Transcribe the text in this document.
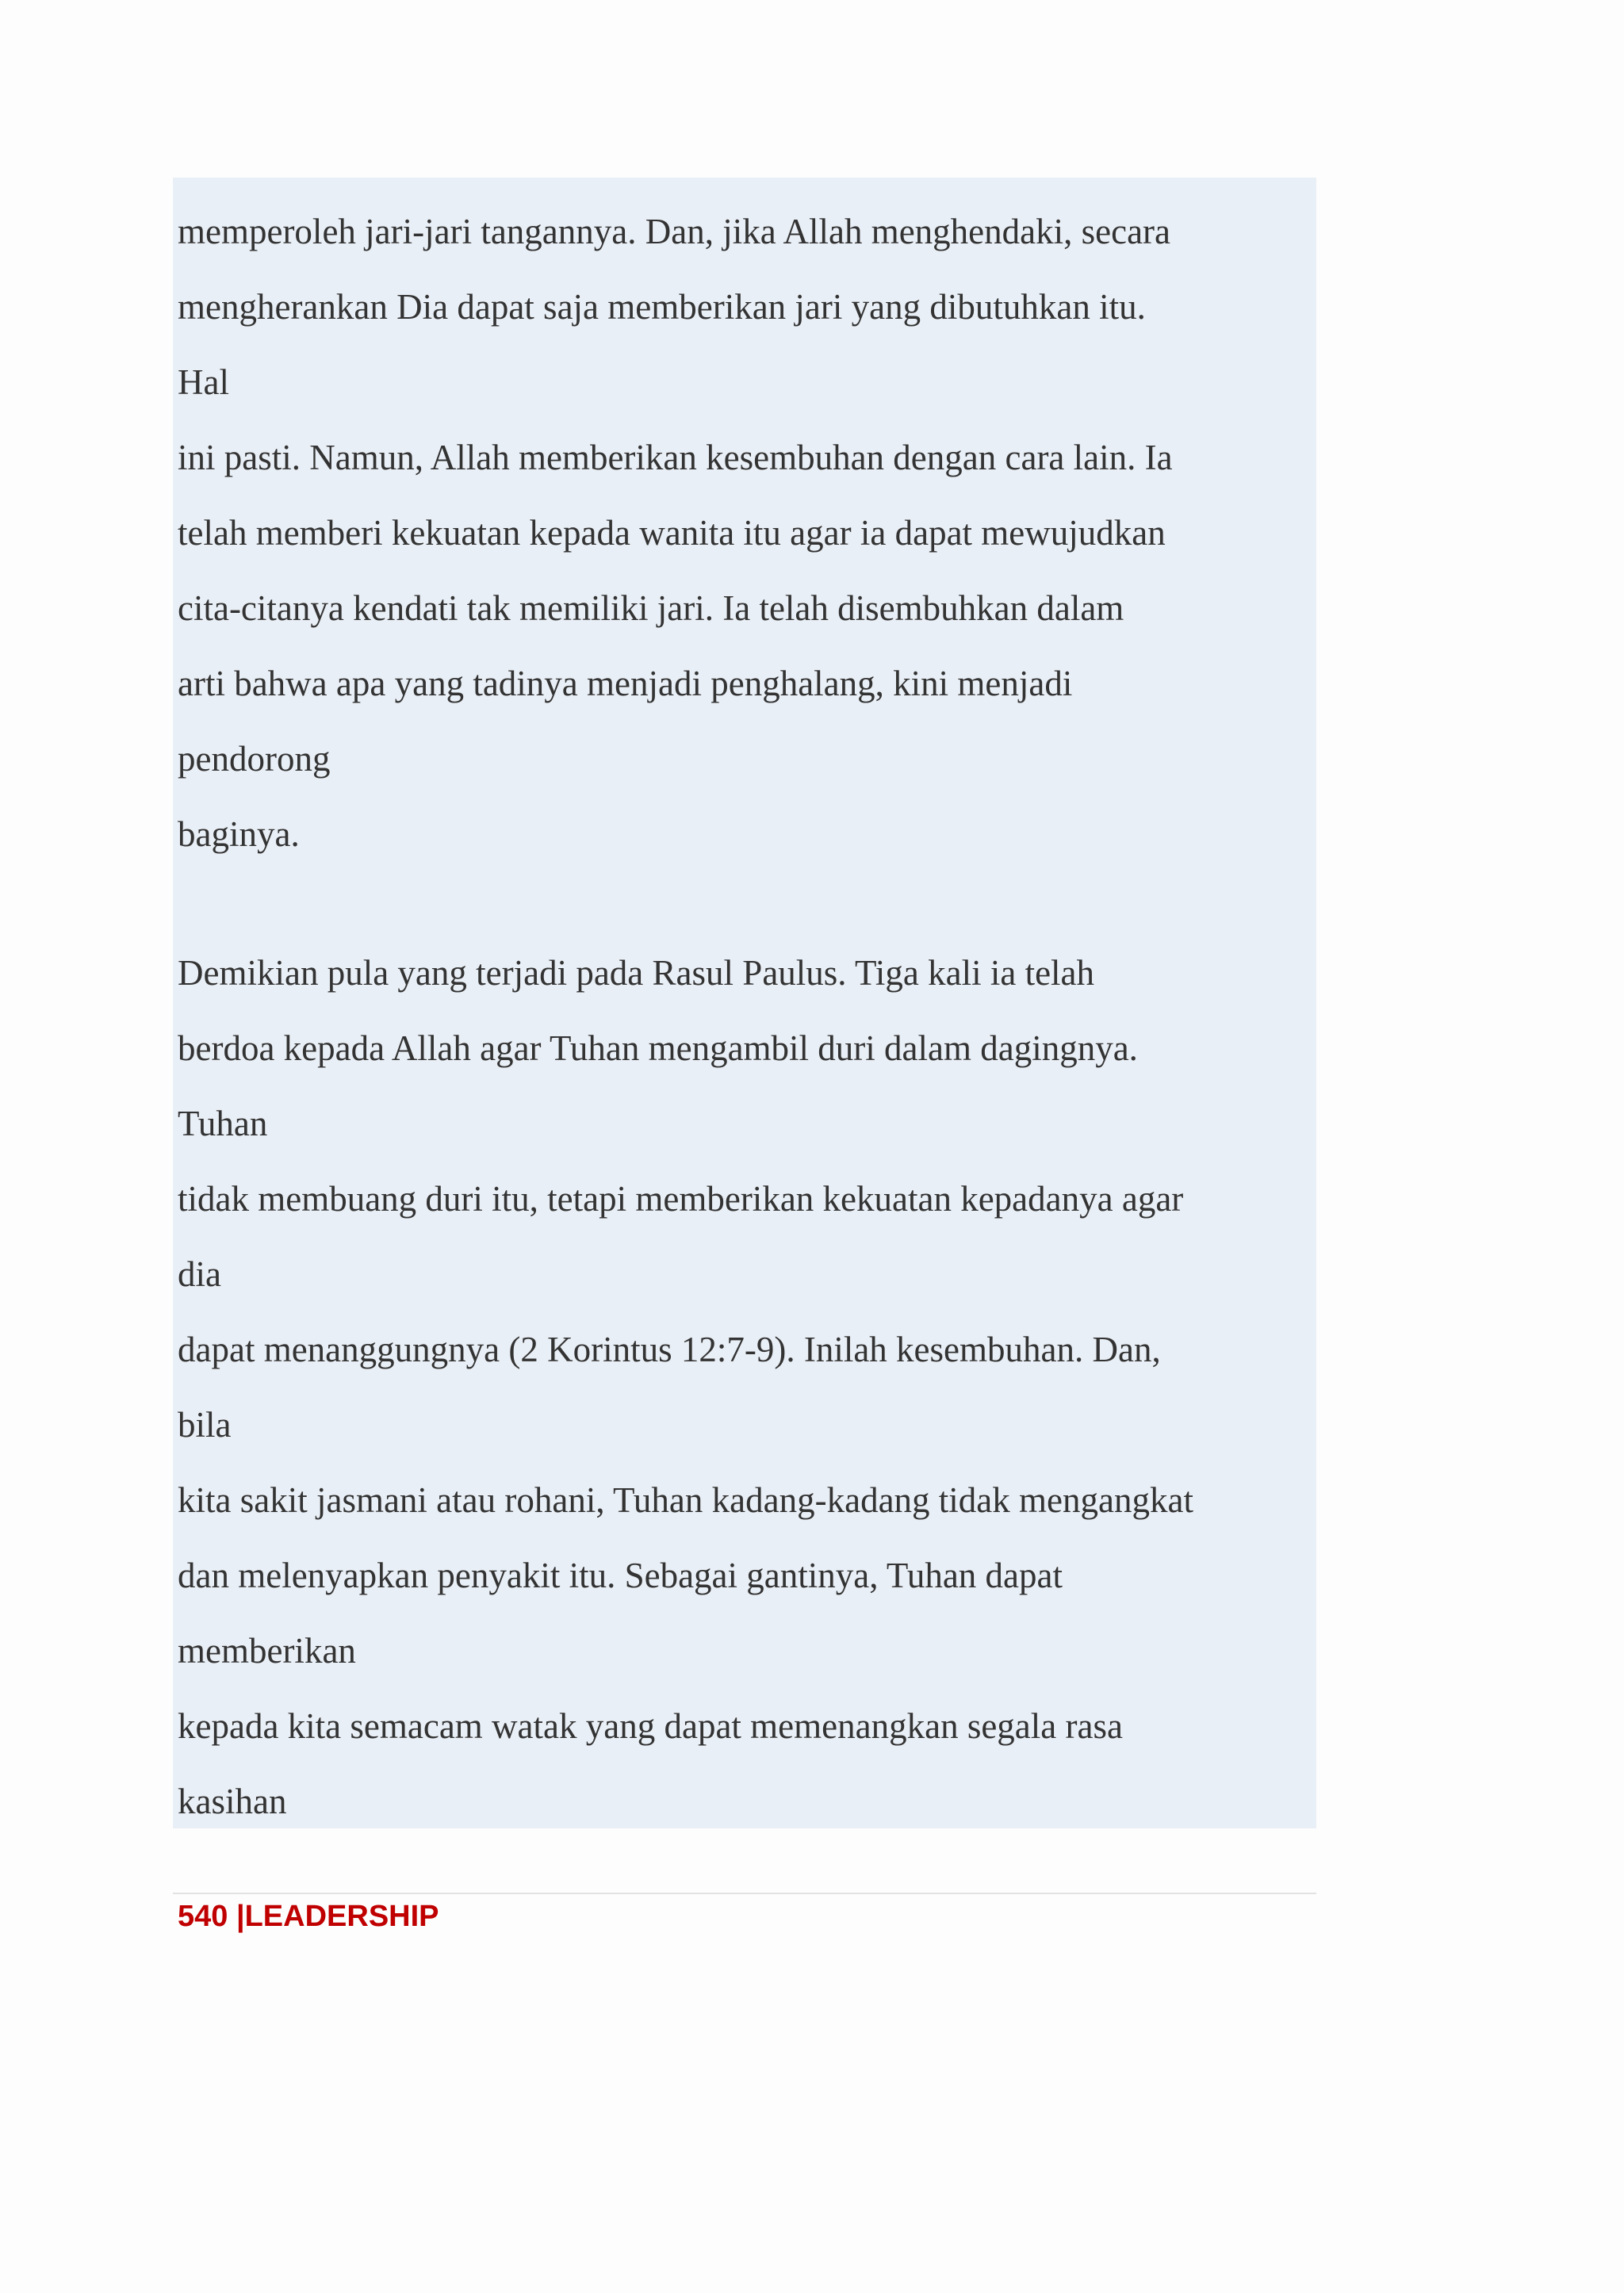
memperoleh jari-jari tangannya. Dan, jika Allah menghendaki, secara
mengherankan Dia dapat saja memberikan jari yang dibutuhkan itu.
Hal
ini pasti. Namun, Allah memberikan kesembuhan dengan cara lain. Ia
telah memberi kekuatan kepada wanita itu agar ia dapat mewujudkan
cita-citanya kendati tak memiliki jari. Ia telah disembuhkan dalam
arti bahwa apa yang tadinya menjadi penghalang, kini menjadi
pendorong
baginya.
Demikian pula yang terjadi pada Rasul Paulus. Tiga kali ia telah
berdoa kepada Allah agar Tuhan mengambil duri dalam dagingnya.
Tuhan
tidak membuang duri itu, tetapi memberikan kekuatan kepadanya agar
dia
dapat menanggungnya (2 Korintus 12:7-9). Inilah kesembuhan. Dan,
bila
kita sakit jasmani atau rohani, Tuhan kadang-kadang tidak mengangkat
dan melenyapkan penyakit itu. Sebagai gantinya, Tuhan dapat
memberikan
kepada kita semacam watak yang dapat memenangkan segala rasa
kasihan
540 |LEADERSHIP
